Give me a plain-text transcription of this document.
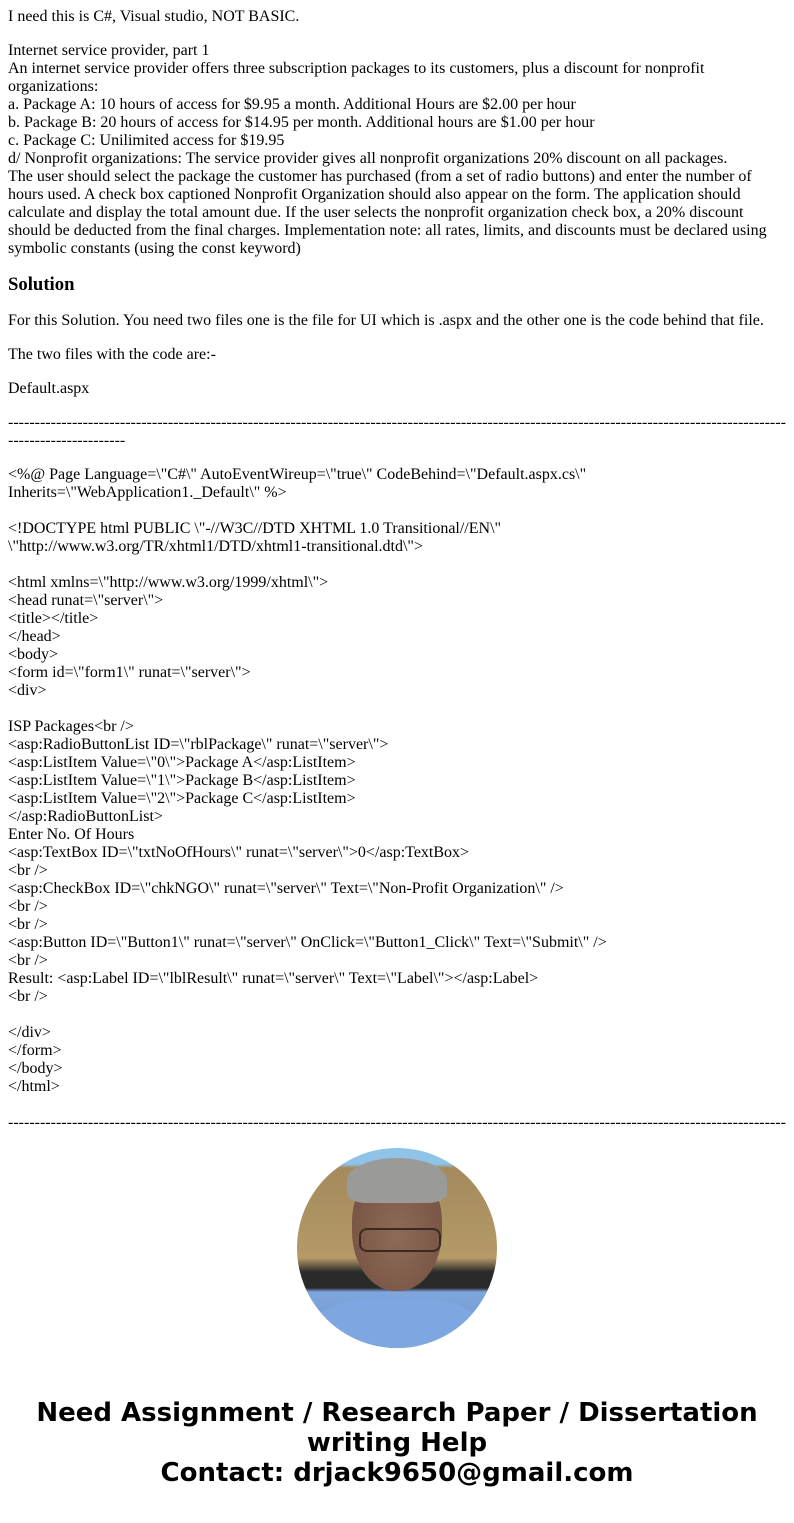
I need this is C#, Visual studio, NOT BASIC.

Internet service provider, part 1
An internet service provider offers three subscription packages to its customers, plus a discount for nonprofit organizations:
a. Package A: 10 hours of access for $9.95 a month. Additional Hours are $2.00 per hour
b. Package B: 20 hours of access for $14.95 per month. Additional hours are $1.00 per hour
c. Package C: Unilimited access for $19.95
d/ Nonprofit organizations: The service provider gives all nonprofit organizations 20% discount on all packages.
The user should select the package the customer has purchased (from a set of radio buttons) and enter the number of hours used. A check box captioned Nonprofit Organization should also appear on the form. The application should calculate and display the total amount due. If the user selects the nonprofit organization check box, a 20% discount should be deducted from the final charges. Implementation note: all rates, limits, and discounts must be declared using symbolic constants (using the const keyword)
Solution

For this Solution. You need two files one is the file for UI which is .aspx and the other one is the code behind that file.

The two files with the code are:-

Default.aspx

------------------------------------------------------------------------------------------------------------------------------------------------------------------------
<%@ Page Language=\"C#\" AutoEventWireup=\"true\" CodeBehind=\"Default.aspx.cs\"
Inherits=\"WebApplication1._Default\" %>
<!DOCTYPE html PUBLIC \"-//W3C//DTD XHTML 1.0 Transitional//EN\"
\"http://www.w3.org/TR/xhtml1/DTD/xhtml1-transitional.dtd\">
<html xmlns=\"http://www.w3.org/1999/xhtml\">
<head runat=\"server\">
<title></title>
</head>
<body>
<form id=\"form1\" runat=\"server\">
<div>
ISP Packages<br />
<asp:RadioButtonList ID=\"rblPackage\" runat=\"server\">
<asp:ListItem Value=\"0\">Package A</asp:ListItem>
<asp:ListItem Value=\"1\">Package B</asp:ListItem>
<asp:ListItem Value=\"2\">Package C</asp:ListItem>
</asp:RadioButtonList>
Enter No. Of Hours
<asp:TextBox ID=\"txtNoOfHours\" runat=\"server\">0</asp:TextBox>
<br />
<asp:CheckBox ID=\"chkNGO\" runat=\"server\" Text=\"Non-Profit Organization\" />
<br />
<br />
<asp:Button ID=\"Button1\" runat=\"server\" OnClick=\"Button1_Click\" Text=\"Submit\" />
<br />
Result: <asp:Label ID=\"lblResult\" runat=\"server\" Text=\"Label\"></asp:Label>
<br />
</div>
</form>
</body>
</html>
--------------------------------------------------------------------------------------------------------------------------------------------------
Need Assignment / Research Paper / Dissertation writing Help
Contact: drjack9650@gmail.com
